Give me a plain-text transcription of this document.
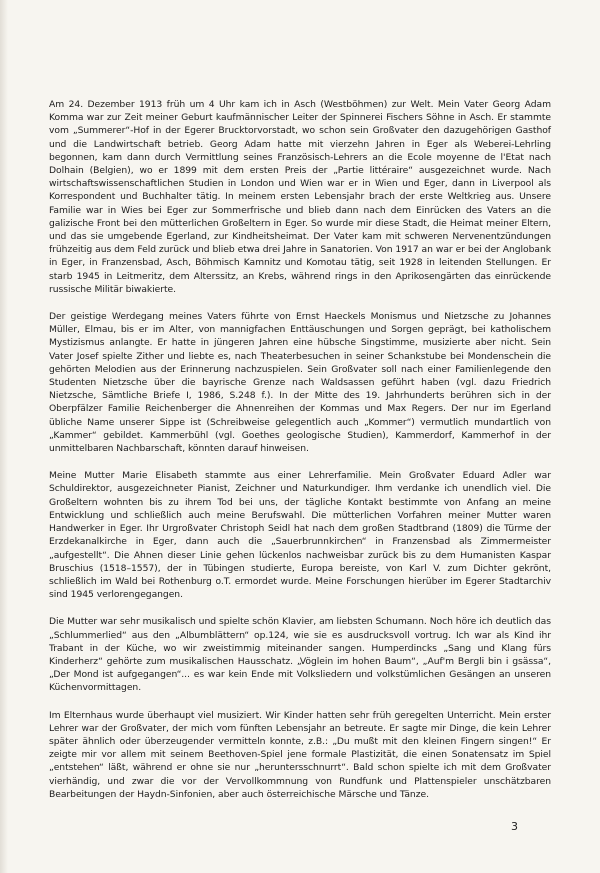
Am 24. Dezember 1913 früh um 4 Uhr kam ich in Asch (Westböhmen) zur Welt. Mein Vater Georg Adam Komma war zur Zeit meiner Geburt kaufmännischer Leiter der Spinnerei Fischers Söhne in Asch. Er stammte vom „Summerer“-Hof in der Egerer Brucktorvorstadt, wo schon sein Großvater den dazugehörigen Gasthof und die Landwirtschaft betrieb. Georg Adam hatte mit vierzehn Jahren in Eger als Weberei-Lehrling begonnen, kam dann durch Vermittlung seines Französisch-Lehrers an die Ecole moyenne de l'Etat nach Dolhain (Belgien), wo er 1899 mit dem ersten Preis der „Partie littéraire“ ausgezeichnet wurde. Nach wirtschaftswissenschaftlichen Studien in London und Wien war er in Wien und Eger, dann in Liverpool als Korrespondent und Buchhalter tätig. In meinem ersten Lebensjahr brach der erste Weltkrieg aus. Unsere Familie war in Wies bei Eger zur Sommerfrische und blieb dann nach dem Einrücken des Vaters an die galizische Front bei den mütterlichen Großeltern in Eger. So wurde mir diese Stadt, die Heimat meiner Eltern, und das sie umgebende Egerland, zur Kindheitsheimat. Der Vater kam mit schweren Nervenentzündungen frühzeitig aus dem Feld zurück und blieb etwa drei Jahre in Sanatorien. Von 1917 an war er bei der Anglobank in Eger, in Franzensbad, Asch, Böhmisch Kamnitz und Komotau tätig, seit 1928 in leitenden Stellungen. Er starb 1945 in Leitmeritz, dem Alterssitz, an Krebs, während rings in den Aprikosengärten das einrückende russische Militär biwakierte.

Der geistige Werdegang meines Vaters führte von Ernst Haeckels Monismus und Nietzsche zu Johannes Müller, Elmau, bis er im Alter, von mannigfachen Enttäuschungen und Sorgen geprägt, bei katholischem Mystizismus anlangte. Er hatte in jüngeren Jahren eine hübsche Singstimme, musizierte aber nicht. Sein Vater Josef spielte Zither und liebte es, nach Theaterbesuchen in seiner Schankstube bei Mondenschein die gehörten Melodien aus der Erinnerung nachzuspielen. Sein Großvater soll nach einer Familienlegende den Studenten Nietzsche über die bayrische Grenze nach Waldsassen geführt haben (vgl. dazu Friedrich Nietzsche, Sämtliche Briefe I, 1986, S.248 f.). In der Mitte des 19. Jahrhunderts berühren sich in der Oberpfälzer Familie Reichenberger die Ahnenreihen der Kommas und Max Regers. Der nur im Egerland übliche Name unserer Sippe ist (Schreibweise gelegentlich auch „Kommer“) vermutlich mundartlich von „Kammer“ gebildet. Kammerbühl (vgl. Goethes geologische Studien), Kammerdorf, Kammerhof in der unmittelbaren Nachbarschaft, könnten darauf hinweisen.

Meine Mutter Marie Elisabeth stammte aus einer Lehrerfamilie. Mein Großvater Eduard Adler war Schuldirektor, ausgezeichneter Pianist, Zeichner und Naturkundiger. Ihm verdanke ich unendlich viel. Die Großeltern wohnten bis zu ihrem Tod bei uns, der tägliche Kontakt bestimmte von Anfang an meine Entwicklung und schließlich auch meine Berufswahl. Die mütterlichen Vorfahren meiner Mutter waren Handwerker in Eger. Ihr Urgroßvater Christoph Seidl hat nach dem großen Stadtbrand (1809) die Türme der Erzdekanalkirche in Eger, dann auch die „Sauerbrunnkirchen“ in Franzensbad als Zimmermeister „aufgestellt“. Die Ahnen dieser Linie gehen lückenlos nachweisbar zurück bis zu dem Humanisten Kaspar Bruschius (1518–1557), der in Tübingen studierte, Europa bereiste, von Karl V. zum Dichter gekrönt, schließlich im Wald bei Rothenburg o.T. ermordet wurde. Meine Forschungen hierüber im Egerer Stadtarchiv sind 1945 verlorengegangen.

Die Mutter war sehr musikalisch und spielte schön Klavier, am liebsten Schumann. Noch höre ich deutlich das „Schlummerlied“ aus den „Albumblättern“ op.124, wie sie es ausdrucksvoll vortrug. Ich war als Kind ihr Trabant in der Küche, wo wir zweistimmig miteinander sangen. Humperdincks „Sang und Klang fürs Kinderherz“ gehörte zum musikalischen Hausschatz. „Vöglein im hohen Baum“, „Auf'm Bergli bin i gsässa“, „Der Mond ist aufgegangen“... es war kein Ende mit Volksliedern und volkstümlichen Gesängen an unseren Küchenvormittagen.

Im Elternhaus wurde überhaupt viel musiziert. Wir Kinder hatten sehr früh geregelten Unterricht. Mein erster Lehrer war der Großvater, der mich vom fünften Lebensjahr an betreute. Er sagte mir Dinge, die kein Lehrer später ähnlich oder überzeugender vermitteln konnte, z.B.: „Du mußt mit den kleinen Fingern singen!“ Er zeigte mir vor allem mit seinem Beethoven-Spiel jene formale Plastizität, die einen Sonatensatz im Spiel „entstehen“ läßt, während er ohne sie nur „heruntersschnurrt“. Bald schon spielte ich mit dem Großvater vierhändig, und zwar die vor der Vervollkommnung von Rundfunk und Plattenspieler unschätzbaren Bearbeitungen der Haydn-Sinfonien, aber auch österreichische Märsche und Tänze.

3
